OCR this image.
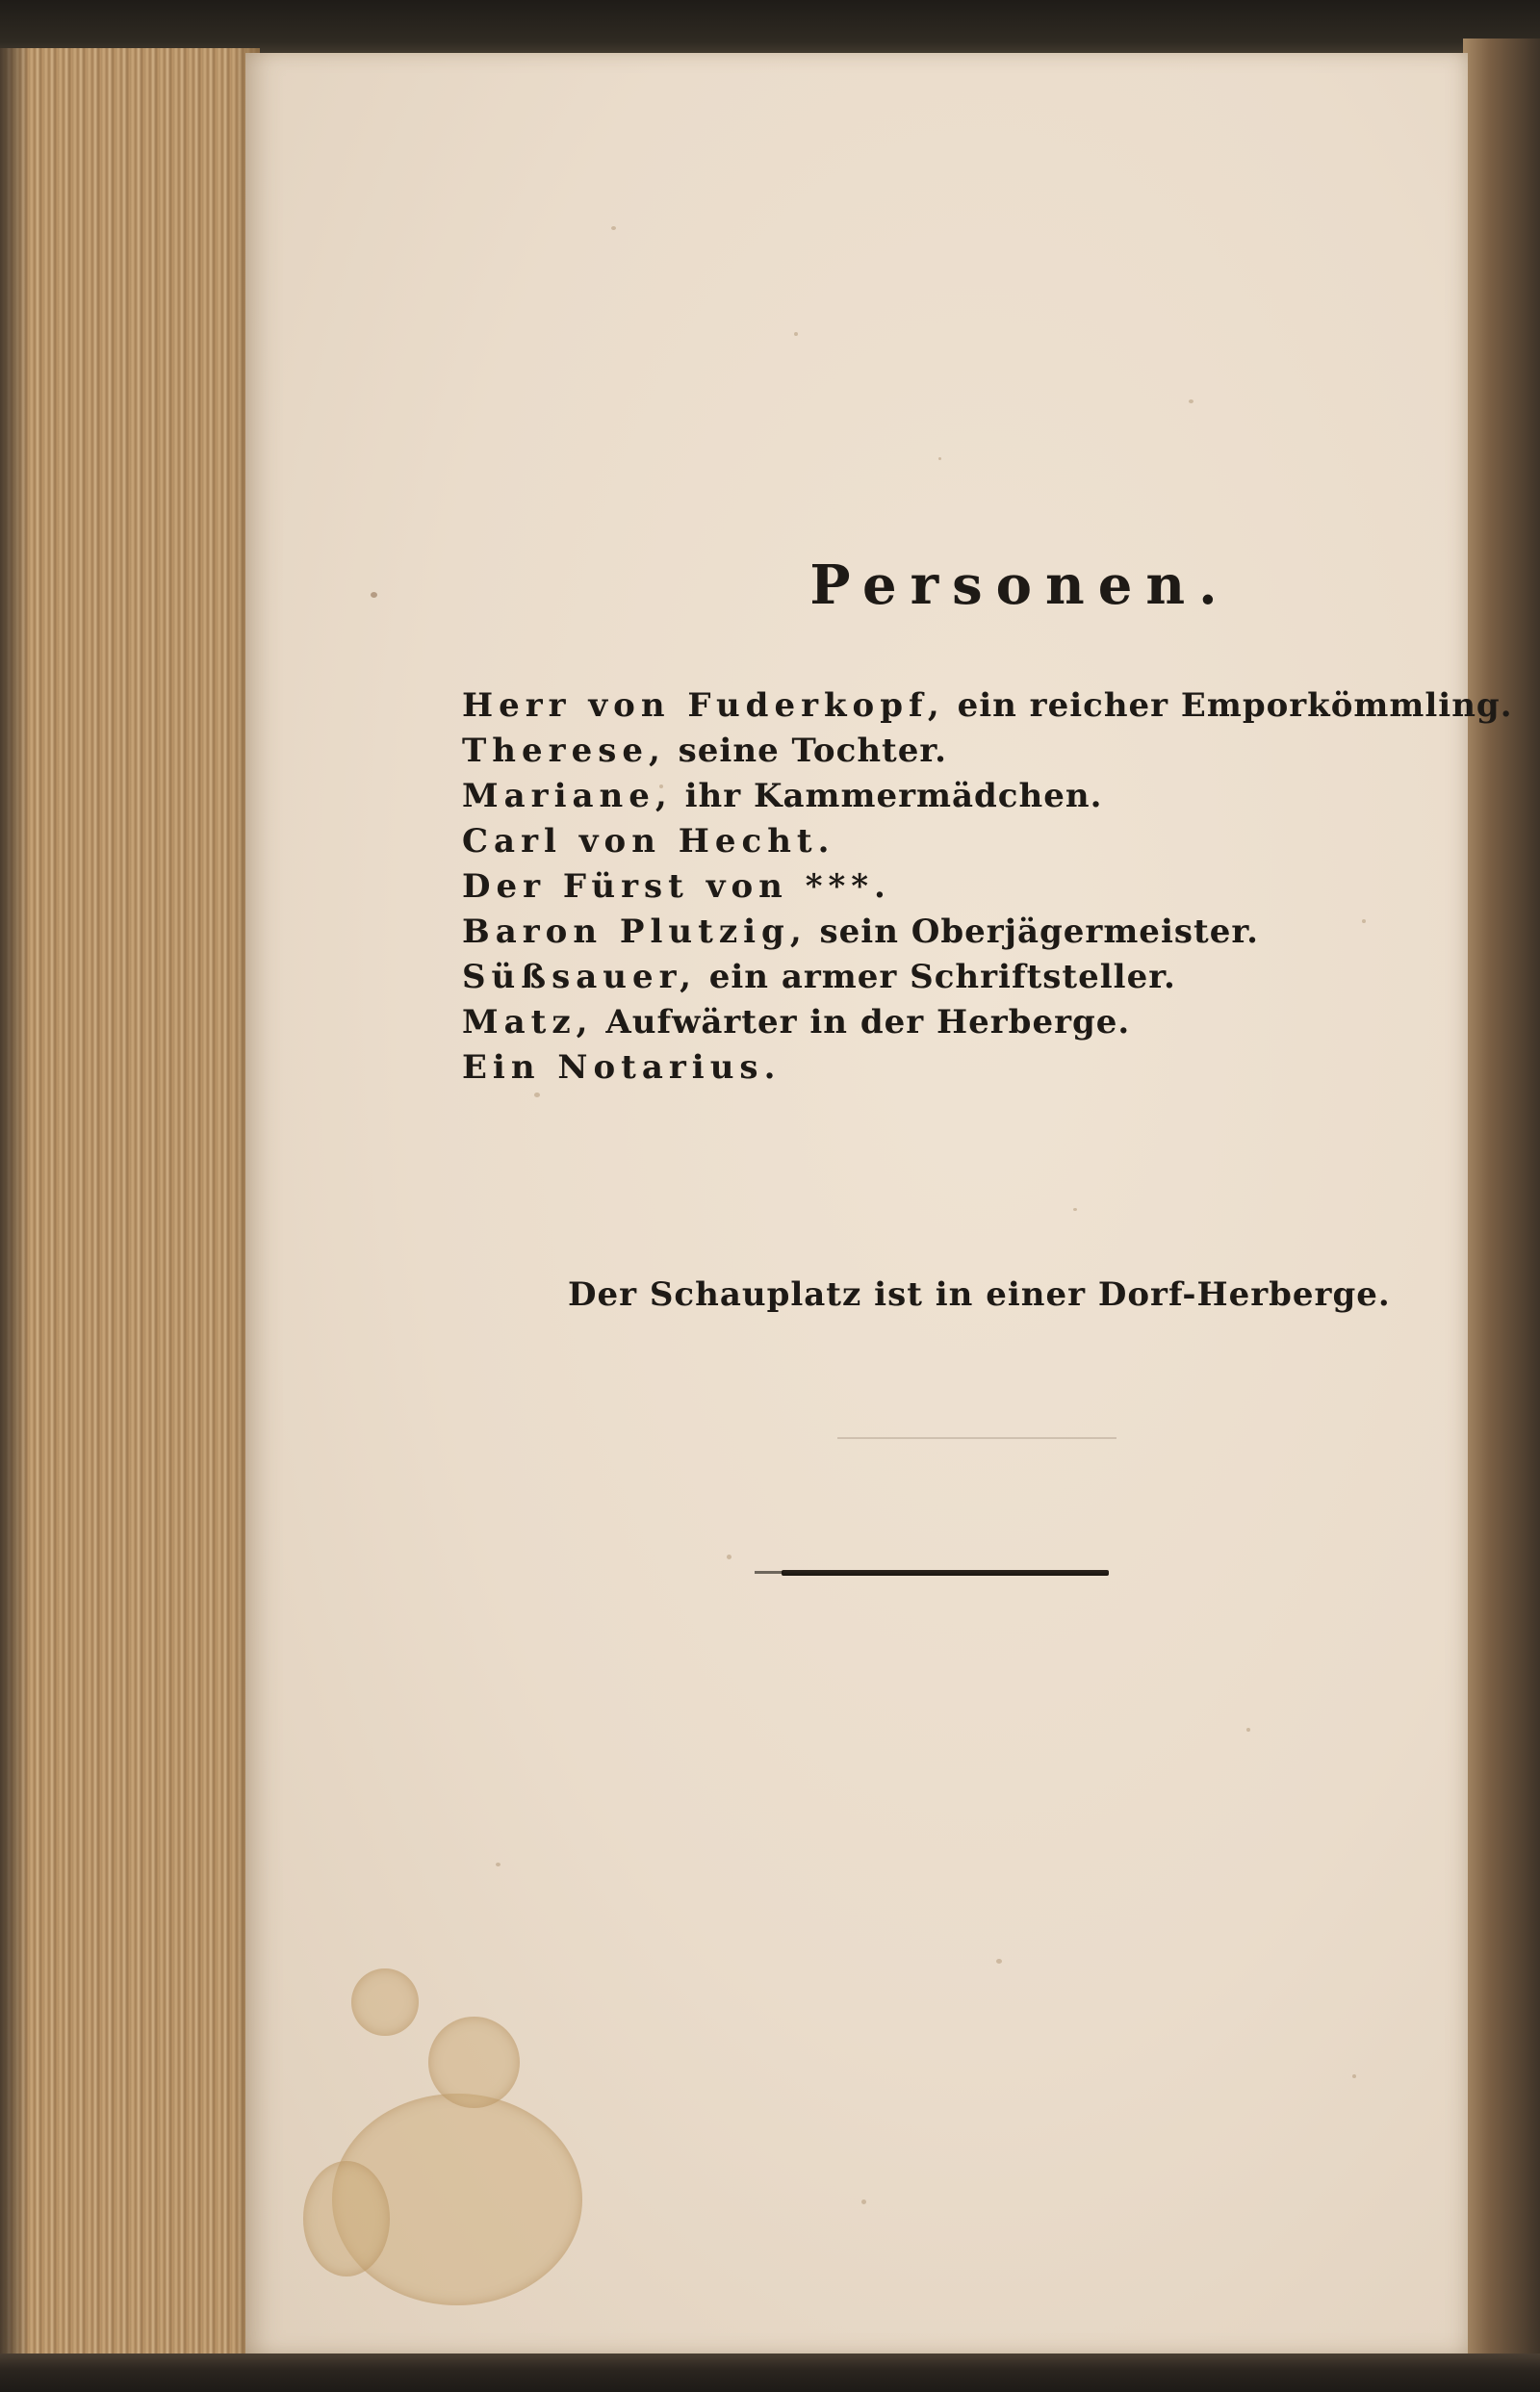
Personen.
Herr von Fuderkopf, ein reicher Emporkömmling.
Therese, seine Tochter.
Mariane, ihr Kammermädchen.
Carl von Hecht.
Der Fürst von ***.
Baron Plutzig, sein Oberjägermeister.
Süßsauer, ein armer Schriftsteller.
Matz, Aufwärter in der Herberge.
Ein Notarius.
Der Schauplatz ist in einer Dorf-Herberge.
